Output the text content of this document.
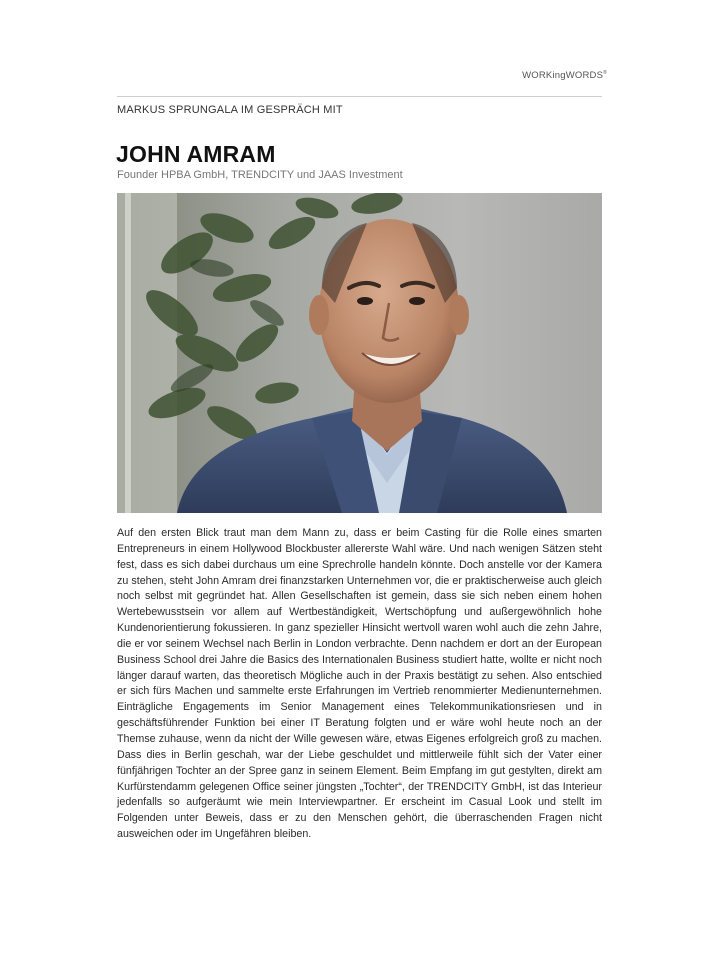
WORKingWORDS®
MARKUS SPRUNGALA IM GESPRÄCH MIT
JOHN AMRAM
Founder HPBA GmbH, TRENDCITY und JAAS Investment

Auf den ersten Blick traut man dem Mann zu, dass er beim Casting für die Rolle eines smarten Entrepreneurs in einem Hollywood Blockbuster allererste Wahl wäre. Und nach wenigen Sätzen steht fest, dass es sich dabei durchaus um eine Sprechrolle handeln könnte. Doch anstelle vor der Kamera zu stehen, steht John Amram drei finanzstarken Unternehmen vor, die er praktischerweise auch gleich noch selbst mit gegründet hat. Allen Gesellschaften ist gemein, dass sie sich neben einem hohen Wertebewusstsein vor allem auf Wertbeständigkeit, Wertschöpfung und außergewöhnlich hohe Kundenorientierung fokussieren. In ganz spezieller Hinsicht wertvoll waren wohl auch die zehn Jahre, die er vor seinem Wechsel nach Berlin in London verbrachte. Denn nachdem er dort an der European Business School drei Jahre die Basics des Internationalen Business studiert hatte, wollte er nicht noch länger darauf warten, das theoretisch Mögliche auch in der Praxis bestätigt zu sehen. Also entschied er sich fürs Machen und sammelte erste Erfahrungen im Vertrieb renommierter Medienunternehmen. Einträgliche Engagements im Senior Management eines Telekommunikationsriesen und in geschäftsführender Funktion bei einer IT Beratung folgten und er wäre wohl heute noch an der Themse zuhause, wenn da nicht der Wille gewesen wäre, etwas Eigenes erfolgreich groß zu machen. Dass dies in Berlin geschah, war der Liebe geschuldet und mittlerweile fühlt sich der Vater einer fünfjährigen Tochter an der Spree ganz in seinem Element. Beim Empfang im gut gestylten, direkt am Kurfürstendamm gelegenen Office seiner jüngsten „Tochter“, der TRENDCITY GmbH, ist das Interieur jedenfalls so aufgeräumt wie mein Interviewpartner. Er erscheint im Casual Look und stellt im Folgenden unter Beweis, dass er zu den Menschen gehört, die überraschenden Fragen nicht ausweichen oder im Ungefähren bleiben.
